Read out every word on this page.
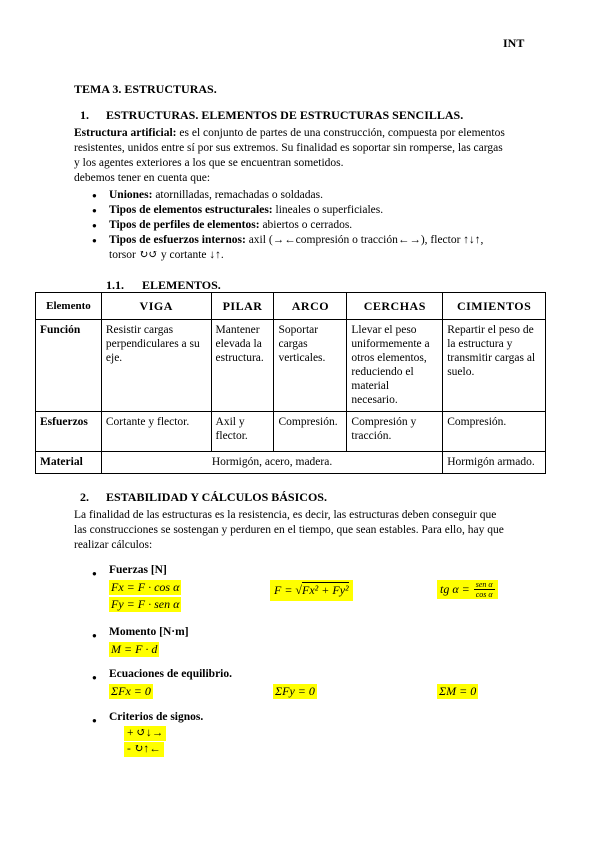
INT
TEMA 3. ESTRUCTURAS.
1. ESTRUCTURAS. ELEMENTOS DE ESTRUCTURAS SENCILLAS.
Estructura artificial: es el conjunto de partes de una construcción, compuesta por elementos
resistentes, unidos entre sí por sus extremos. Su finalidad es soportar sin romperse, las cargas
y los agentes exteriores a los que se encuentran sometidos.
debemos tener en cuenta que:
● Uniones: atornilladas, remachadas o soldadas.
● Tipos de elementos estructurales: lineales o superficiales.
● Tipos de perfiles de elementos: abiertos o cerrados.
● Tipos de esfuerzos internos: axil (→←compresión o tracción←→), flector ↑↓↑,
torsor ↻↺ y cortante ↓↑.
1.1. ELEMENTOS.
Elemento	VIGA	PILAR	ARCO	CERCHAS	CIMIENTOS
Función	Resistir cargas perpendiculares a su eje.	Mantener elevada la estructura.	Soportar cargas verticales.	Llevar el peso uniformemente a otros elementos, reduciendo el material necesario.	Repartir el peso de la estructura y transmitir cargas al suelo.
Esfuerzos	Cortante y flector.	Axil y flector.	Compresión.	Compresión y tracción.	Compresión.
Material	Hormigón, acero, madera.				Hormigón armado.
2. ESTABILIDAD Y CÁLCULOS BÁSICOS.
La finalidad de las estructuras es la resistencia, es decir, las estructuras deben conseguir que
las construcciones se sostengan y perduren en el tiempo, que sean estables. Para ello, hay que
realizar cálculos:
● Fuerzas [N]
Fx = F · cos α
Fy = F · sen α
F = √Fx² + Fy²	tg α = sen α
cos α
● Momento [N·m]
M = F · d
● Ecuaciones de equilibrio.
ΣFx = 0	ΣFy = 0	ΣM = 0
● Criterios de signos.
+ ↺↓→
- ↻↑←
